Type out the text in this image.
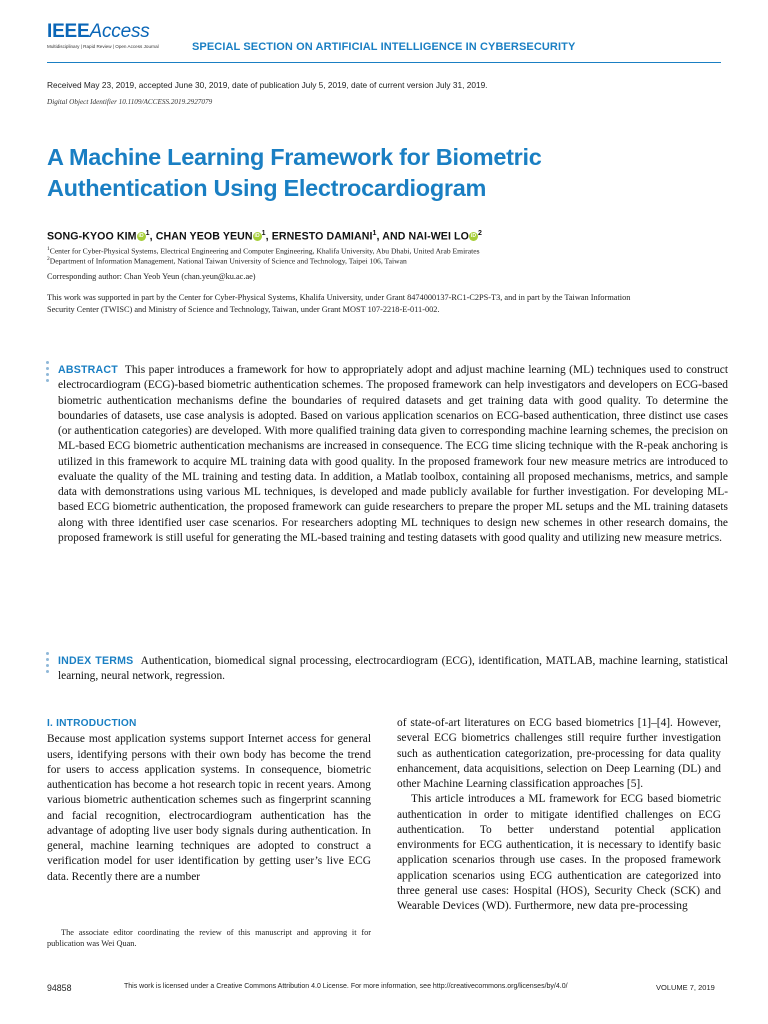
IEEEAccess
Multidisciplinary | Rapid Review | Open Access Journal	SPECIAL SECTION ON ARTIFICIAL INTELLIGENCE IN CYBERSECURITY
Received May 23, 2019, accepted June 30, 2019, date of publication July 5, 2019, date of current version July 31, 2019.
Digital Object Identifier 10.1109/ACCESS.2019.2927079
A Machine Learning Framework for Biometric Authentication Using Electrocardiogram
SONG-KYOO KIM iD $^1$, CHAN YEOB YEUN iD $^1$, ERNESTO DAMIANI$^1$, AND NAI-WEI LO iD $^2$
$^1$Center for Cyber-Physical Systems, Electrical Engineering and Computer Engineering, Khalifa University, Abu Dhabi, United Arab Emirates
$^2$Department of Information Management, National Taiwan University of Science and Technology, Taipei 106, Taiwan
Corresponding author: Chan Yeob Yeun (chan.yeun@ku.ac.ae)
This work was supported in part by the Center for Cyber-Physical Systems, Khalifa University, under Grant 8474000137-RC1-C2PS-T3, and in part by the Taiwan Information Security Center (TWISC) and Ministry of Science and Technology, Taiwan, under Grant MOST 107-2218-E-011-002.
ABSTRACT This paper introduces a framework for how to appropriately adopt and adjust machine learning (ML) techniques used to construct electrocardiogram (ECG)-based biometric authentication schemes. The proposed framework can help investigators and developers on ECG-based biometric authentication mechanisms define the boundaries of required datasets and get training data with good quality. To determine the boundaries of datasets, use case analysis is adopted. Based on various application scenarios on ECG-based authentication, three distinct use cases (or authentication categories) are developed. With more qualified training data given to corresponding machine learning schemes, the precision on ML-based ECG biometric authentication mechanisms are increased in consequence. The ECG time slicing technique with the R-peak anchoring is utilized in this framework to acquire ML training data with good quality. In the proposed framework four new measure metrics are introduced to evaluate the quality of the ML training and testing data. In addition, a Matlab toolbox, containing all proposed mechanisms, metrics, and sample data with demonstrations using various ML techniques, is developed and made publicly available for further investigation. For developing ML-based ECG biometric authentication, the proposed framework can guide researchers to prepare the proper ML setups and the ML training datasets along with three identified user case scenarios. For researchers adopting ML techniques to design new schemes in other research domains, the proposed framework is still useful for generating the ML-based training and testing datasets with good quality and utilizing new measure metrics.
INDEX TERMS Authentication, biomedical signal processing, electrocardiogram (ECG), identification, MATLAB, machine learning, statistical learning, neural network, regression.
I. INTRODUCTION
Because most application systems support Internet access for general users, identifying persons with their own body has become the trend for users to access application systems. In consequence, biometric authentication has become a hot research topic in recent years. Among various biometric authentication schemes such as fingerprint scanning and facial recognition, electrocardiogram authentication has the advantage of adopting live user body signals during authentication. In general, machine learning techniques are adopted to construct a verification model for user identification by getting user’s live ECG data. Recently there are a number
of state-of-art literatures on ECG based biometrics [1]–[4]. However, several ECG biometrics challenges still require further investigation such as authentication categorization, pre-processing for data quality enhancement, data acquisitions, selection on Deep Learning (DL) and other Machine Learning classification approaches [5].
This article introduces a ML framework for ECG based biometric authentication in order to mitigate identified challenges on ECG authentication. To better understand potential application environments for ECG authentication, it is necessary to identify basic application scenarios through use cases. In the proposed framework application scenarios using ECG authentication are categorized into three general use cases: Hospital (HOS), Security Check (SCK) and Wearable Devices (WD). Furthermore, new data pre-processing
The associate editor coordinating the review of this manuscript and approving it for publication was Wei Quan.
94858	This work is licensed under a Creative Commons Attribution 4.0 License. For more information, see http://creativecommons.org/licenses/by/4.0/	VOLUME 7, 2019
